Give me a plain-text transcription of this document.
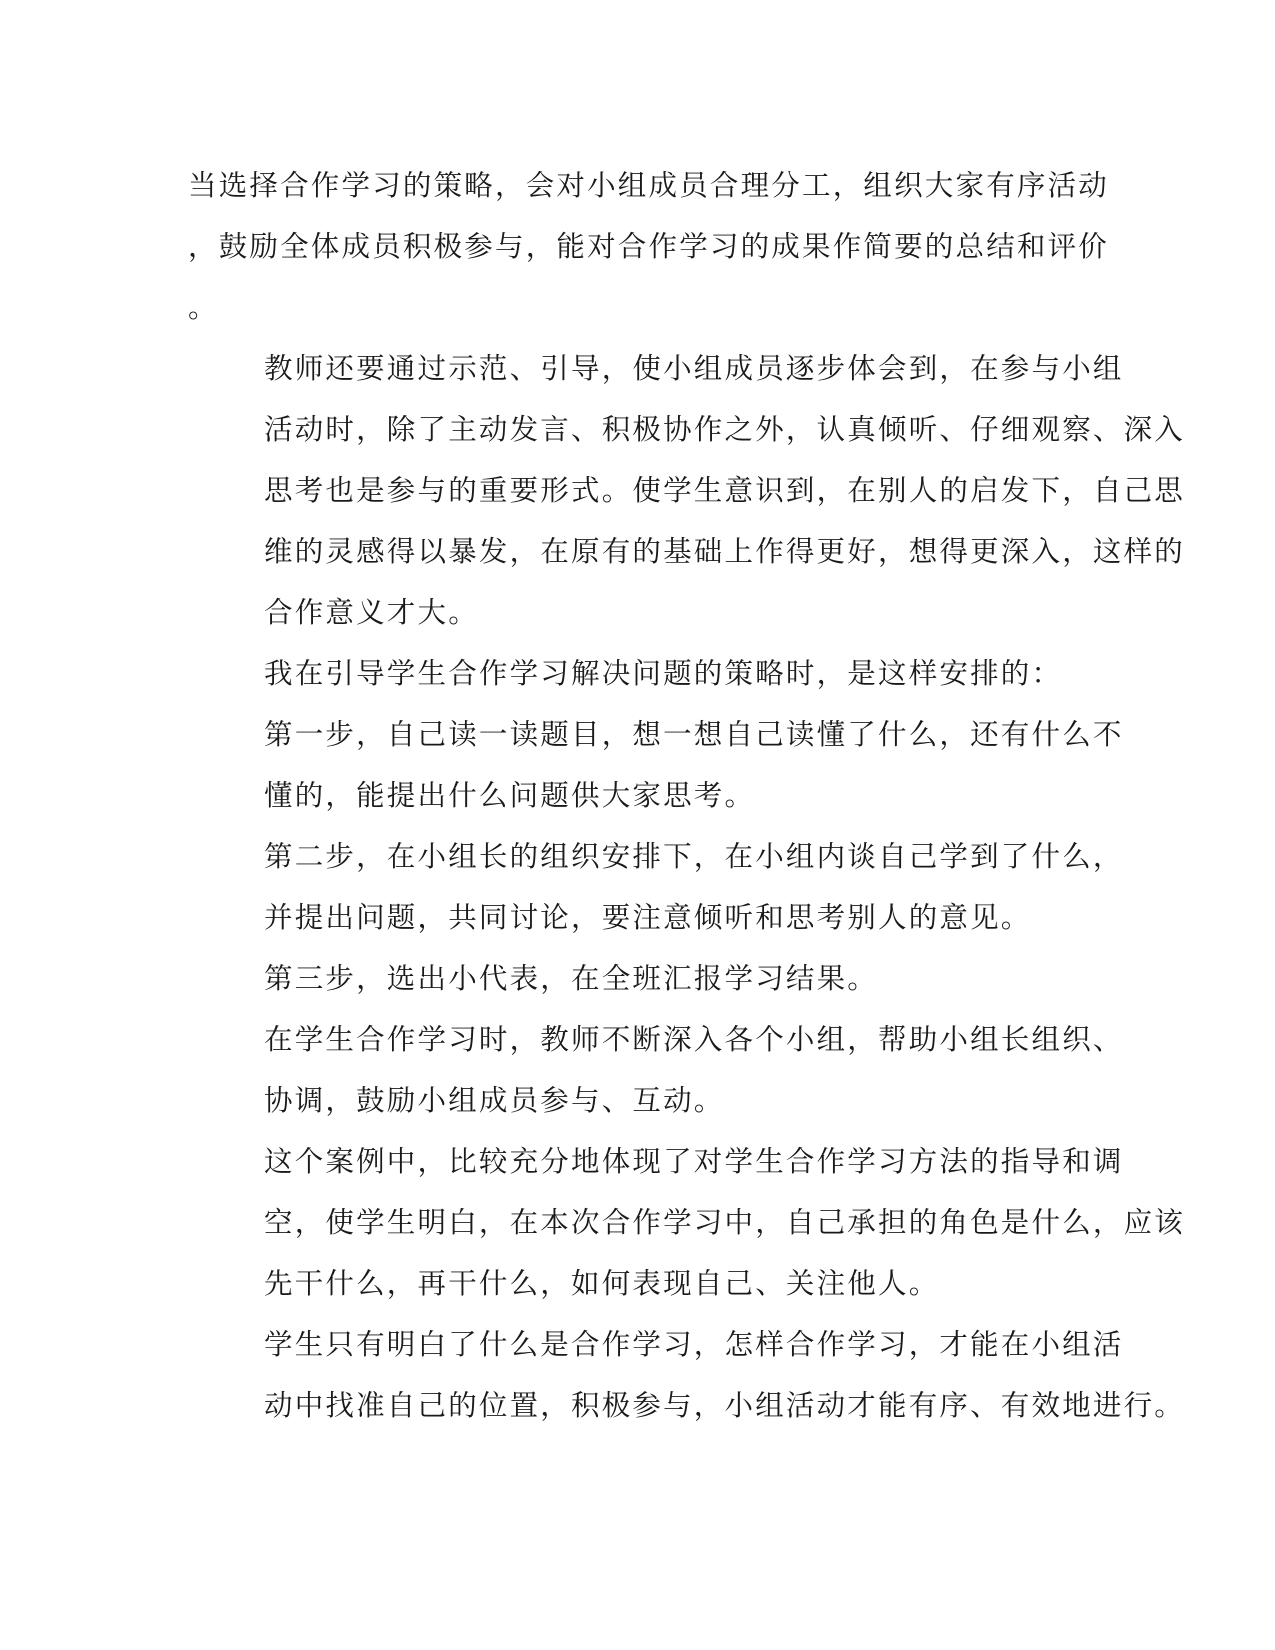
当选择合作学习的策略，会对小组成员合理分工，组织大家有序活动
，鼓励全体成员积极参与，能对合作学习的成果作简要的总结和评价
。
教师还要通过示范、引导，使小组成员逐步体会到，在参与小组
活动时，除了主动发言、积极协作之外，认真倾听、仔细观察、深入
思考也是参与的重要形式。使学生意识到，在别人的启发下，自己思
维的灵感得以暴发，在原有的基础上作得更好，想得更深入，这样的
合作意义才大。
我在引导学生合作学习解决问题的策略时，是这样安排的：
第一步，自己读一读题目，想一想自己读懂了什么，还有什么不
懂的，能提出什么问题供大家思考。
第二步，在小组长的组织安排下，在小组内谈自己学到了什么，
并提出问题，共同讨论，要注意倾听和思考别人的意见。
第三步，选出小代表，在全班汇报学习结果。
在学生合作学习时，教师不断深入各个小组，帮助小组长组织、
协调，鼓励小组成员参与、互动。
这个案例中，比较充分地体现了对学生合作学习方法的指导和调
空，使学生明白，在本次合作学习中，自己承担的角色是什么，应该
先干什么，再干什么，如何表现自己、关注他人。
学生只有明白了什么是合作学习，怎样合作学习，才能在小组活
动中找准自己的位置，积极参与，小组活动才能有序、有效地进行。
